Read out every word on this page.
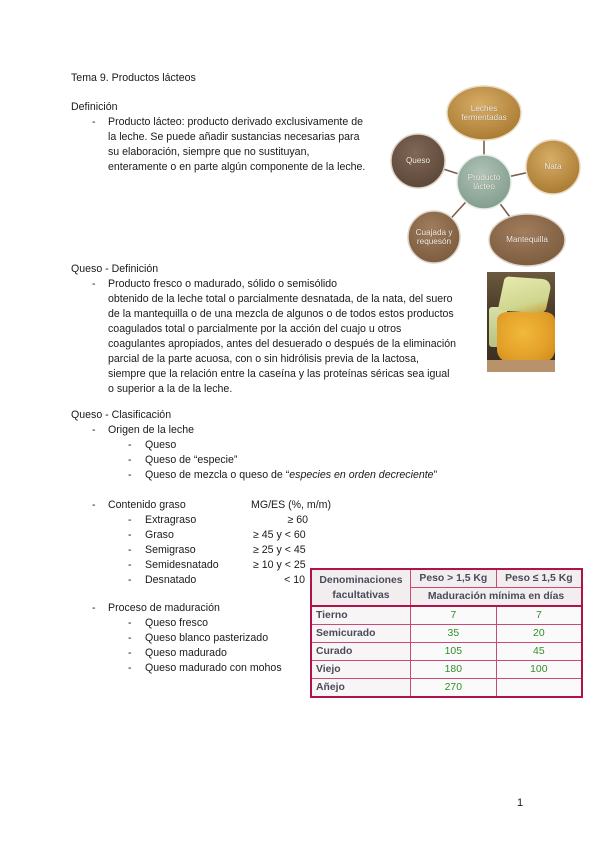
Tema 9. Productos lácteos
Definición
- Producto lácteo: producto derivado exclusivamente de
la leche. Se puede añadir sustancias necesarias para
su elaboración, siempre que no sustituyan,
enteramente o en parte algún componente de la leche.
Leches fermentadas
Queso
Nata
Producto lácteo
Cuajada y requesón	Mantequilla
Queso - Definición
- Producto fresco o madurado, sólido o semisólido
obtenido de la leche total o parcialmente desnatada, de la nata, del suero
de la mantequilla o de una mezcla de algunos o de todos estos productos
coagulados total o parcialmente por la acción del cuajo u otros
coagulantes apropiados, antes del desuerado o después de la eliminación
parcial de la parte acuosa, con o sin hidrólisis previa de la lactosa,
siempre que la relación entre la caseína y las proteínas séricas sea igual
o superior a la de la leche.
Queso - Clasificación
- Origen de la leche
- Queso
- Queso de “especie”
- Queso de mezcla o queso de “especies en orden decreciente”
- Contenido graso	MG/ES (%, m/m)
- Extragraso	≥ 60
- Graso	≥ 45 y < 60
- Semigraso	≥ 25 y < 45
- Semidesnatado	≥ 10 y < 25
- Desnatado	< 10
- Proceso de maduración
- Queso fresco
- Queso blanco pasterizado
- Queso madurado
- Queso madurado con mohos
Denominaciones facultativas	Peso > 1,5 Kg	Peso ≤ 1,5 Kg
	Maduración mínima en días	
Tierno	7	7
Semicurado	35	20
Curado	105	45
Viejo	180	100
Añejo	270	
1
